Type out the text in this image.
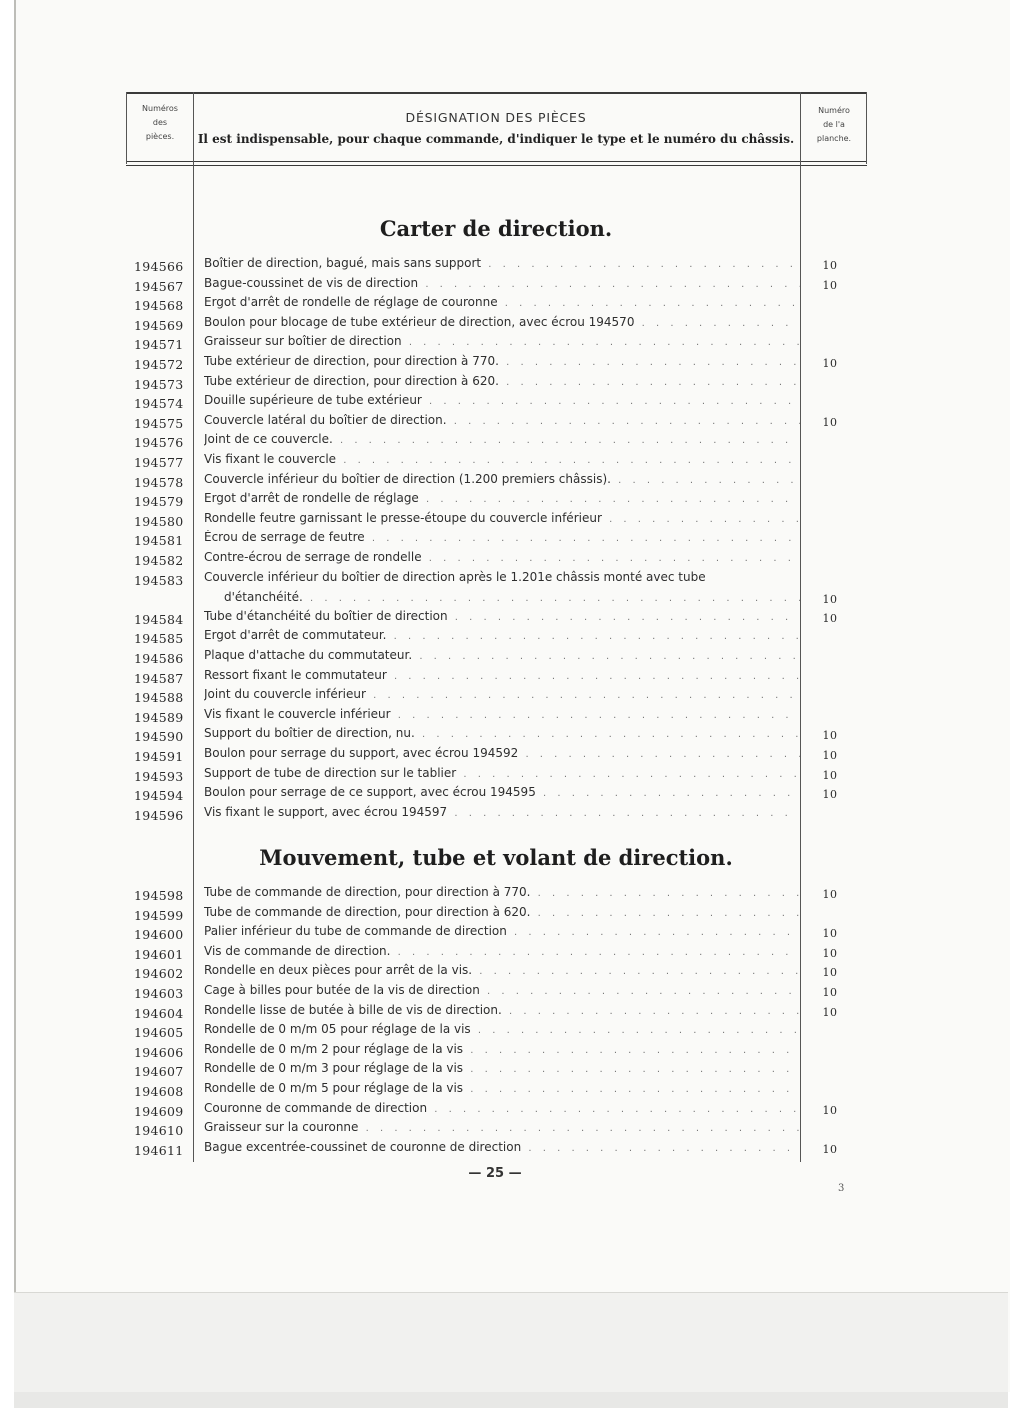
Numéros
des
pièces.
DÉSIGNATION DES PIÈCES
Il est indispensable, pour chaque commande, d'indiquer le type et le numéro du châssis.
Numéro
de l'a
planche.
Carter de direction.
Mouvement, tube et volant de direction.
194566	Boîtier de direction, bagué, mais sans support . . .	10
194567	Bague-coussinet de vis de direction . . .	10
194568	Ergot d'arrêt de rondelle de réglage de couronne . . .
194569	Boulon pour blocage de tube extérieur de direction, avec écrou 194570 . . .
194571	Graisseur sur boîtier de direction . . .
194572	Tube extérieur de direction, pour direction à 770. . . .	10
194573	Tube extérieur de direction, pour direction à 620. . . .
194574	Douille supérieure de tube extérieur . . .
194575	Couvercle latéral du boîtier de direction. . . .	10
194576	Joint de ce couvercle. . . .
194577	Vis fixant le couvercle . . .
194578	Couvercle inférieur du boîtier de direction (1.200 premiers châssis). . . .
194579	Ergot d'arrêt de rondelle de réglage . . .
194580	Rondelle feutre garnissant le presse-étoupe du couvercle inférieur . . .
194581	Écrou de serrage de feutre . . .
194582	Contre-écrou de serrage de rondelle . . .
194583	Couvercle inférieur du boîtier de direction après le 1.201e châssis monté avec tube
d'étanchéité. . . .	10
194584	Tube d'étanchéité du boîtier de direction . . .	10
194585	Ergot d'arrêt de commutateur. . . .
194586	Plaque d'attache du commutateur. . . .
194587	Ressort fixant le commutateur . . .
194588	Joint du couvercle inférieur . . .
194589	Vis fixant le couvercle inférieur . . .
194590	Support du boîtier de direction, nu. . . .	10
194591	Boulon pour serrage du support, avec écrou 194592 . . .	10
194593	Support de tube de direction sur le tablier . . .	10
194594	Boulon pour serrage de ce support, avec écrou 194595 . . .	10
194596	Vis fixant le support, avec écrou 194597 . . .
194598	Tube de commande de direction, pour direction à 770. . . .	10
194599	Tube de commande de direction, pour direction à 620. . . .
194600	Palier inférieur du tube de commande de direction . . .	10
194601	Vis de commande de direction. . . .	10
194602	Rondelle en deux pièces pour arrêt de la vis. . . .	10
194603	Cage à billes pour butée de la vis de direction . . .	10
194604	Rondelle lisse de butée à bille de vis de direction. . . .	10
194605	Rondelle de 0 m/m 05 pour réglage de la vis . . .
194606	Rondelle de 0 m/m 2 pour réglage de la vis . . .
194607	Rondelle de 0 m/m 3 pour réglage de la vis . . .
194608	Rondelle de 0 m/m 5 pour réglage de la vis . . .
194609	Couronne de commande de direction . . .	10
194610	Graisseur sur la couronne . . .
194611	Bague excentrée-coussinet de couronne de direction . . .	10
— 25 —
3
